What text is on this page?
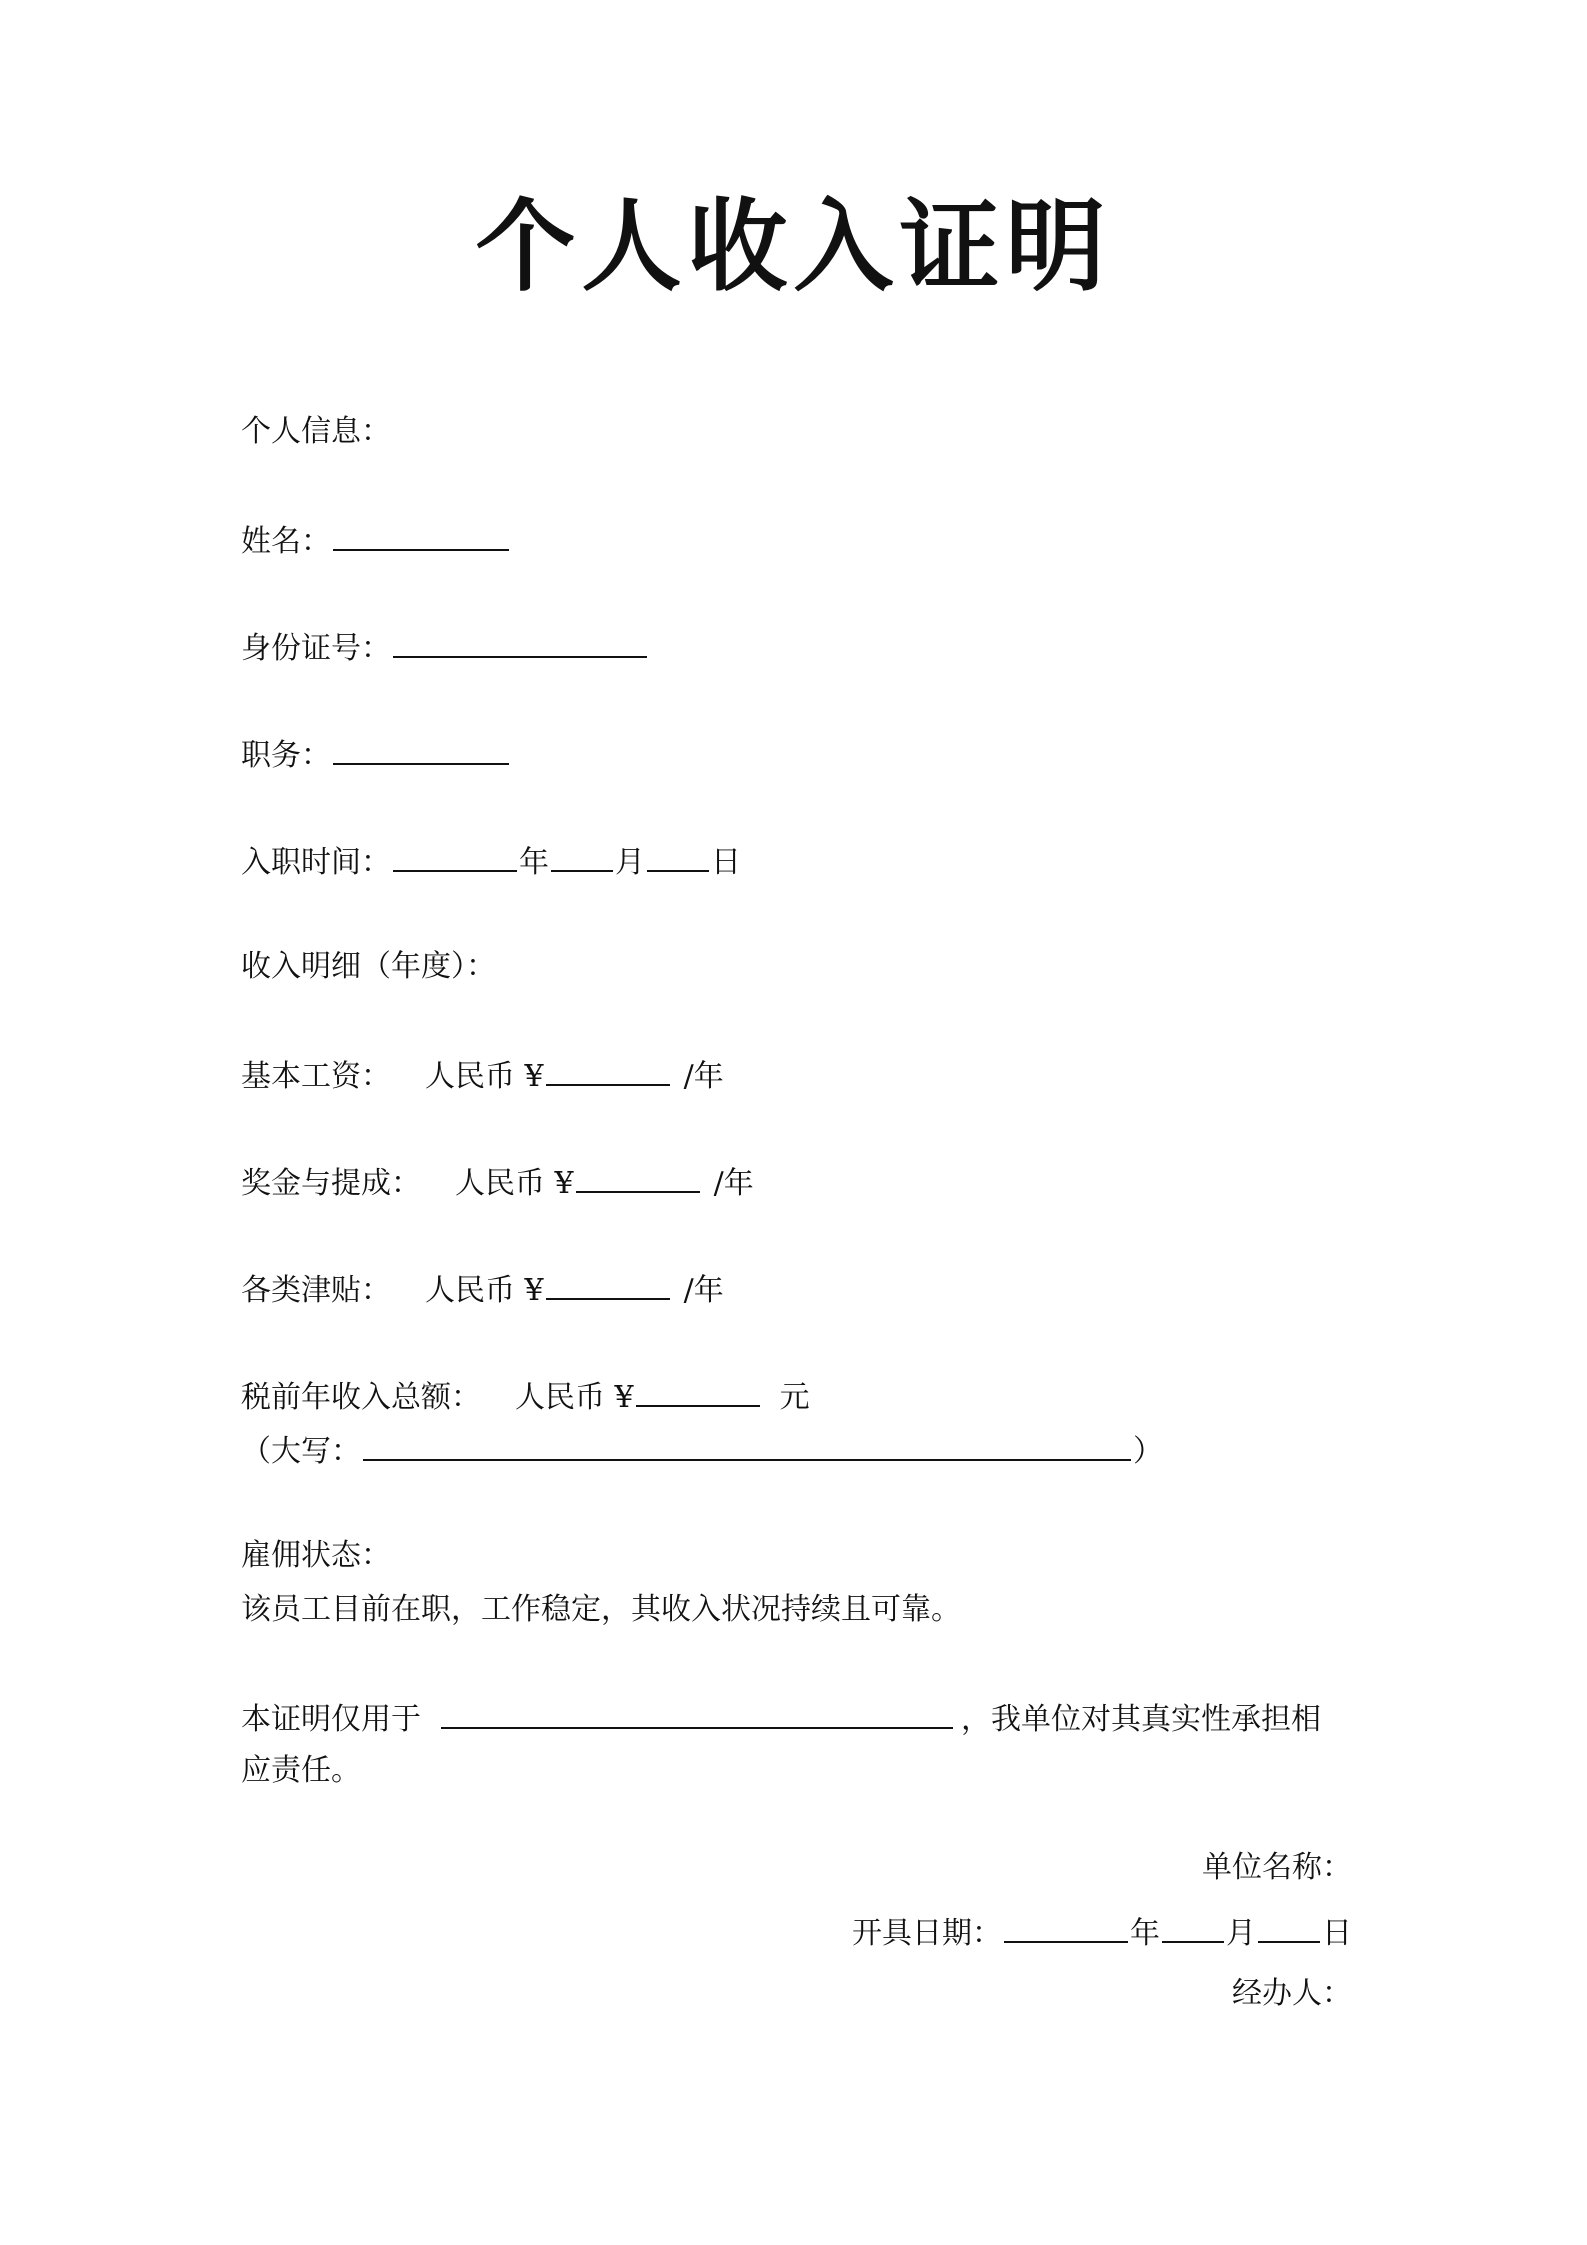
个人收入证明
个人信息：
姓名：
身份证号：
职务：
入职时间：	年 月 日
收入明细（年度）：
基本工资： 人民币 ¥	/年
奖金与提成： 人民币 ¥	/年
各类津贴： 人民币 ¥	/年
税前年收入总额： 人民币 ¥	元
（大写：	）
雇佣状态：
该员工目前在职，工作稳定，其收入状况持续且可靠。
本证明仅用于	，我单位对其真实性承担相
应责任。
单位名称：
开具日期：	年 月 日
经办人：
